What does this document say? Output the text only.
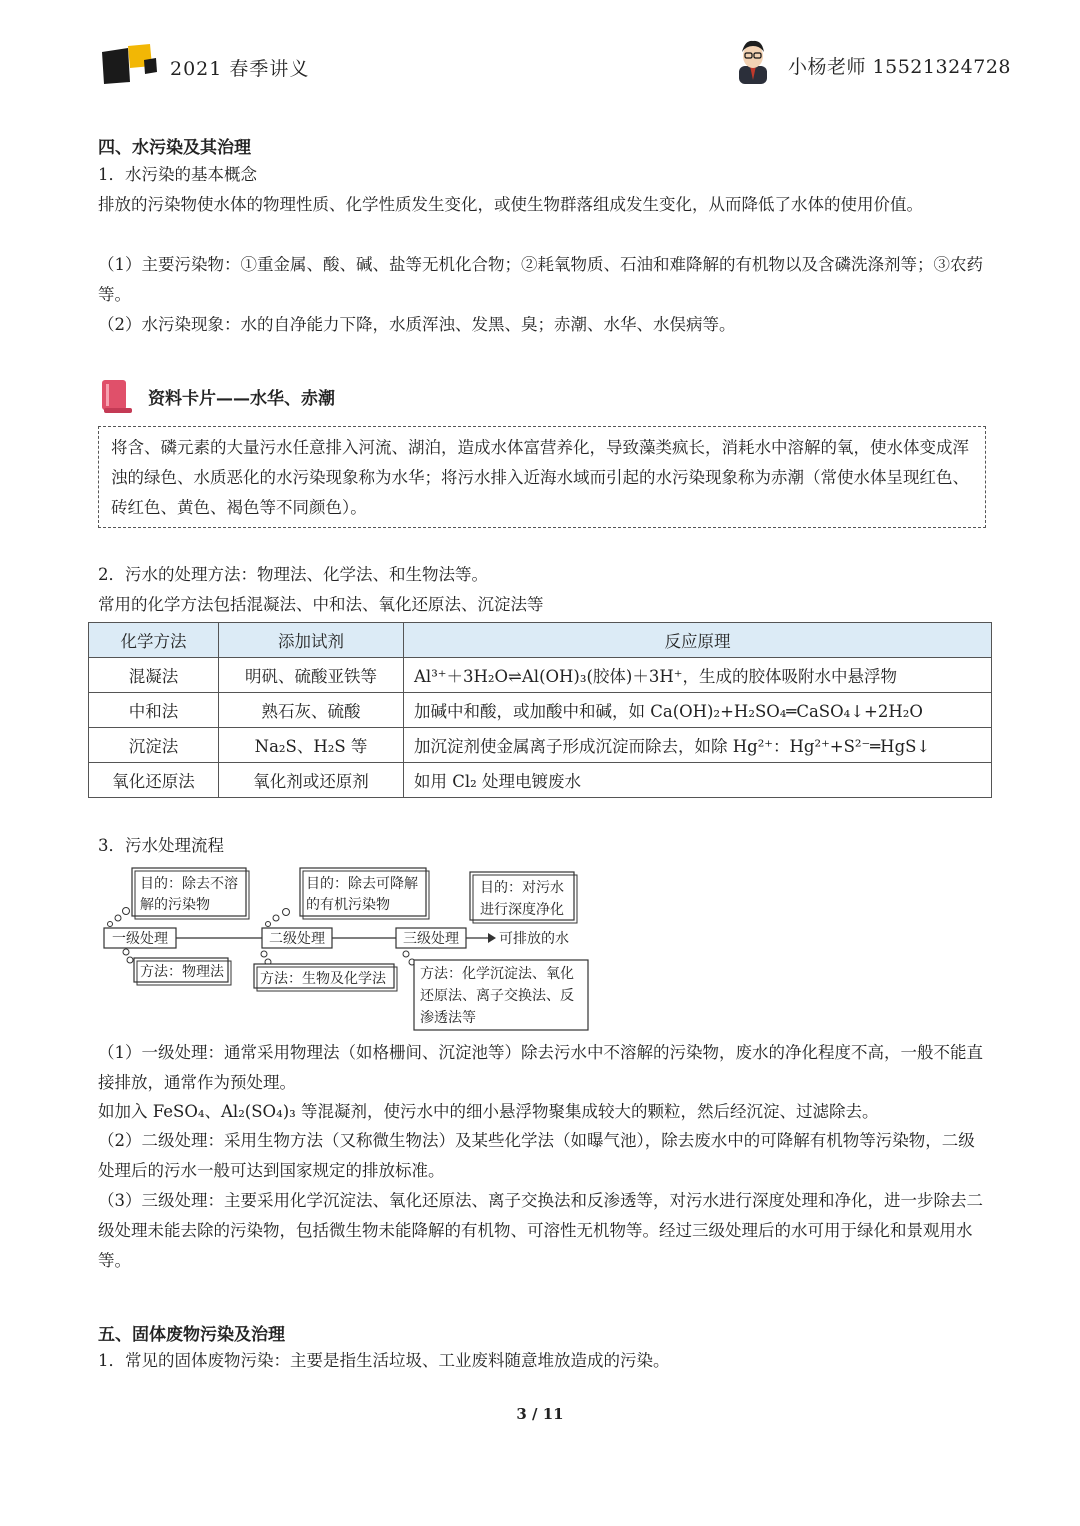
2021 春季讲义	小杨老师 15521324728
四、水污染及其治理
1．水污染的基本概念
排放的污染物使水体的物理性质、化学性质发生变化，或使生物群落组成发生变化，从而降低了水体的使用价值。
（1）主要污染物：①重金属、酸、碱、盐等无机化合物；②耗氧物质、石油和难降解的有机物以及含磷洗涤剂等；③农药等。
（2）水污染现象：水的自净能力下降，水质浑浊、发黑、臭；赤潮、水华、水俣病等。
资料卡片——水华、赤潮
将含、磷元素的大量污水任意排入河流、湖泊，造成水体富营养化，导致藻类疯长，消耗水中溶解的氧，使水体变成浑浊的绿色、水质恶化的水污染现象称为水华；将污水排入近海水域而引起的水污染现象称为赤潮（常使水体呈现红色、砖红色、黄色、褐色等不同颜色）。
2．污水的处理方法：物理法、化学法、和生物法等。
常用的化学方法包括混凝法、中和法、氧化还原法、沉淀法等
化学方法	添加试剂	反应原理
混凝法	明矾、硫酸亚铁等	Al³⁺＋3H₂O⇌Al(OH)₃(胶体)＋3H⁺，生成的胶体吸附水中悬浮物
中和法	熟石灰、硫酸	加碱中和酸，或加酸中和碱，如 Ca(OH)₂+H₂SO₄═CaSO₄↓+2H₂O
沉淀法	Na₂S、H₂S 等	加沉淀剂使金属离子形成沉淀而除去，如除 Hg²⁺：Hg²⁺+S²⁻═HgS↓
氧化还原法	氧化剂或还原剂	如用 Cl₂ 处理电镀废水
3．污水处理流程
一级处理	二级处理	三级处理	可排放的水
目的：除去不溶
解的污染物
目的：除去可降解
的有机污染物
目的：对污水
进行深度净化
方法：物理法	方法：生物及化学法 方法：化学沉淀法、氧化
还原法、离子交换法、反
渗透法等
（1）一级处理：通常采用物理法（如格栅间、沉淀池等）除去污水中不溶解的污染物，废水的净化程度不高，一般不能直接排放，通常作为预处理。
如加入 FeSO₄、Al₂(SO₄)₃ 等混凝剂，使污水中的细小悬浮物聚集成较大的颗粒，然后经沉淀、过滤除去。
（2）二级处理：采用生物方法（又称微生物法）及某些化学法（如曝气池），除去废水中的可降解有机物等污染物，二级处理后的污水一般可达到国家规定的排放标准。
（3）三级处理：主要采用化学沉淀法、氧化还原法、离子交换法和反渗透等，对污水进行深度处理和净化，进一步除去二级处理未能去除的污染物，包括微生物未能降解的有机物、可溶性无机物等。经过三级处理后的水可用于绿化和景观用水等。
五、固体废物污染及治理
1．常见的固体废物污染：主要是指生活垃圾、工业废料随意堆放造成的污染。
3 / 11
